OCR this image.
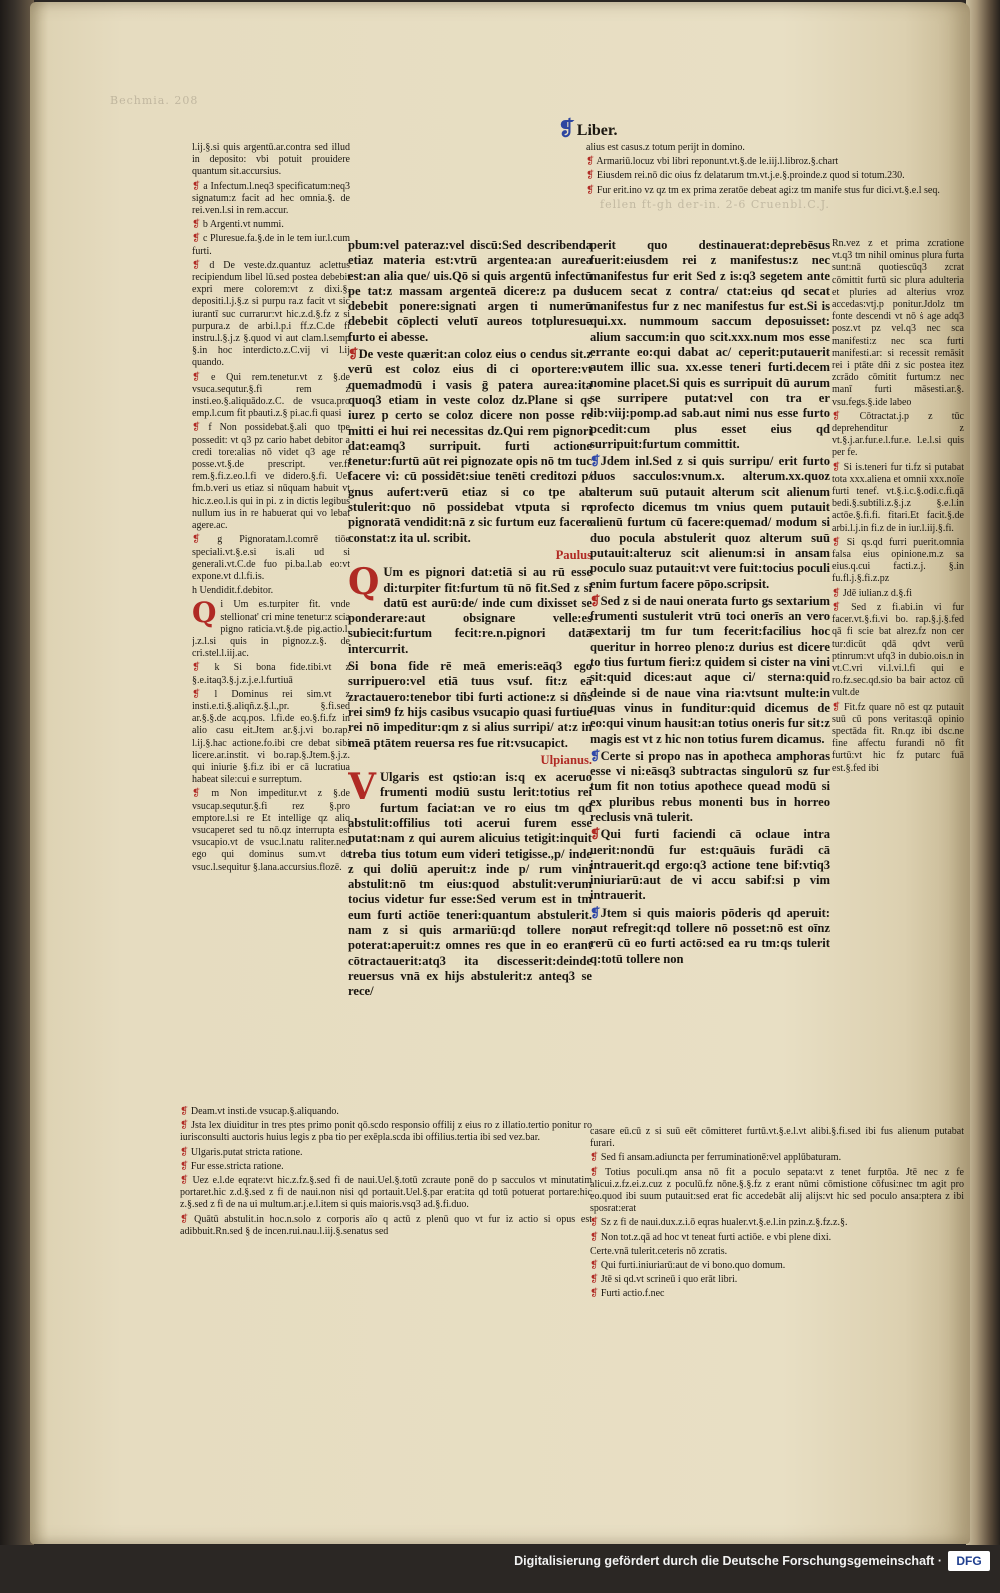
Bechmia. 208
fellen ft-gh der-in. 2-6 Cruenbl.C.J.
❡ Liber.

l.ij.§.si quis argentū.ar.contra sed illud in deposito: vbi potuit prouidere quantum sit.accursius.

❡ a Infectum.l.neq3 specificatum:neq3 signatum:z facit ad hec omnia.§. de rei.ven.l.si in rem.accur.

❡ b Argenti.vt nummi.

❡ c Pluresue.fa.§.de in le tem iur.l.cum furti.

❡ d De veste.dz.quantuz aclettus recipiendum libel lū.sed postea debebit expri mere colorem:vt z dixi.§. depositi.l.j.§.z si purpu ra.z facit vt sic iurantī suc currarur:vt hic.z.d.§.fz z si purpura.z de arbi.l.p.i ff.z.C.de fi instru.l.§.j.z §.quod vi aut clam.l.semp §.in hoc interdicto.z.C.vij vi l.ij quando.

❡ e Qui rem.tenetur.vt z §.de vsuca.sequtur.§.fi rem z insti.eo.§.aliquādo.z.C. de vsuca.pro emp.l.cum fit pbauti.z.§ pi.ac.fi quasi

❡ f Non possidebat.§.ali quo tpe possedit: vt q3 pz cario habet debitor a credi tore:alias nō videt q3 age re posse.vt.§.de prescript. ver.fi rem.§.fi.z.eo.l.fi ve didero.§.fi. Uel fm.b.veri us etiaz si nūquam habuit vt hic.z.eo.l.is qui in pi. z in dictis legibus nullum ius in re habuerat qui vo lebat agere.ac.

❡ g Pignoratam.l.comrē tiōe speciali.vt.§.e.si is.ali ud si generali.vt.C.de fuo pi.ba.l.ab eo:vt expone.vt d.l.fi.is.

h Uendidit.f.debitor.

Qi Um es.turpiter fit. vnde stellionat' cri mine tenetur:z scia pigno raticia.vt.§.de pig.actio.l. j.z.l.si quis in pignoz.z.§. de cri.stel.l.iij.ac.

❡ k Si bona fide.tibi.vt z §.e.itaq3.§.j.z.j.e.l.furtiuā

❡ l Dominus rei sim.vt z insti.e.ti.§.aliqñ.z.§.l.,pr. §.fi.sed ar.§.§.de acq.pos. l.fi.de eo.§.fi.fz in alio casu eit.Jtem ar.§.j.vi bo.rap. l.ij.§.hac actione.fo.ibi cre debat sibi licere.ar.instit. vi bo.rap.§.Jtem.§.j.z. qui iniurie §.fi.z ibi er cā lucratiua habeat sile:cui e surreptum.

❡ m Non impeditur.vt z §.de vsucap.sequtur.§.fi rez §.pro emptore.l.si re Et intellige qz aliq vsucaperet sed tu nō.qz interrupta est vsucapio.vt de vsuc.l.natu raliter.nec ego qui dominus sum.vt de vsuc.l.sequitur §.lana.accursius.flozē.

pbum:vel pateraz:vel discū:Sed describenda etiaz materia est:vtrū argentea:an aurea est:an alia que/ uis.Qō si quis argentū infectū pe tat:z massam argenteā dicere:z pa dus debebit ponere:signati argen ti numerū debebit cōplecti velutī aureos totpluresue furto ei abesse.

❡De veste quærit:an coloz eius o cendus sit.z verū est coloz eius di ci oportere:vt quemadmodū i vasis ḡ patera aurea:ita quoq3 etiam in veste coloz dz.Plane si qs iurez p certo se coloz dicere non posse re mitti ei hui rei necessitas dz.Qui rem pignori dat:eamq3 surripuit. furti actione tenetur:furtū aūt rei pignozate opis nō tm tuc facere vi: cū possidēt:siue tenēti creditozi p/ gnus aufert:verū etiaz si co tpe ab stulerit:quo nō possidebat vtputa si re pignoratā vendidit:nā z sic furtum euz facere constat:z ita ul. scribit.

Paulus

Q Um es pignori dat:etiā si au rū esse di:turpiter fit:furtum tū nō fit.Sed z si datū est aurū:de/ inde cum dixisset se ponderare:aut obsignare velle:es subiecit:furtum fecit:re.n.pignori datā intercurrit.

Si bona fide rē meā emeris:eāq3 ego surripuero:vel etiā tuus vsuf. fit:z eā zractauero:tenebor tibi furti actione:z si dñs rei sim9 fz hijs casibus vsucapio quasi furtiue rei nō impeditur:qm z si alius surripi/ at:z in meā ptātem reuersa res fue rit:vsucapict.

Ulpianus.

V Ulgaris est qstio:an is:q ex aceruo frumenti modiū sustu lerit:totius rei furtum faciat:an ve ro eius tm qd abstulit:offilius toti acerui furem esse putat:nam z qui aurem alicuius tetigit:inquit treba tius totum eum videri tetigisse.,p/ inde z qui doliū aperuit:z inde p/ rum vini abstulit:nō tm eius:quod abstulit:verum tocius videtur fur esse:Sed verum est in tm eum furti actiōe teneri:quantum abstulerit. nam z si quis armariū:qd tollere non poterat:aperuit:z omnes res que in eo erant cōtractauerit:atq3 ita discesserit:deinde reuersus vnā ex hijs abstulerit:z anteq3 se rece/

perit quo destinauerat:deprebēsus fuerit:eiusdem rei z manifestus:z nec manifestus fur erit Sed z is:q3 segetem ante lucem secat z contra/ ctat:eius qd secat manifestus fur z nec manifestus fur est.Si is qui.xx. nummoum saccum deposuisset: alium saccum:in quo scit.xxx.num mos esse errante eo:qui dabat ac/ ceperit:putauerit autem illic sua. xx.esse teneri furti.decem nomine placet.Si quis es surripuit dū aurum se surripere putat:vel con tra er lib:viij:pomp.ad sab.aut nimi nus esse furto pcedit:cum plus esset eius qd surripuit:furtum committit.

❡Jdem inl.Sed z si quis surripu/ erit furto duos sacculos:vnum.x. alterum.xx.quoz alterum suū putauit alterum scit alienum profecto dicemus tm vnius quem putauit alienū furtum cū facere:quemad/ modum si duo pocula abstulerit quoz alterum suū putauit:alteruz scit alienum:si in ansam poculo suaz putauit:vt vere fuit:tocius poculi enim furtum facere pōpo.scripsit.

❡Sed z si de naui onerata furto gs sextarium frumenti sustulerit vtrū toci onerīs an vero sextarij tm fur tum fecerit:facilius hoc queritur in horreo pleno:z durius est dicere to tius furtum fieri:z quidem si cister na vini sit:quid dices:aut aque ci/ sterna:quid deinde si de naue vina ria:vtsunt multe:in quas vinus in funditur:quid dicemus de eo:qui vinum hausit:an totius oneris fur sit:z magis est vt z hic non totius furem dicamus.

❡Certe si propo nas in apotheca amphoras esse vi ni:eāsq3 subtractas singulorū sz fur tum fit non totius apothece quead modū si ex pluribus rebus monenti bus in horreo reclusis vnā tulerit.

❡Qui furti faciendi cā oclaue intra uerit:nondū fur est:quāuis furādi cā intrauerit.qd ergo:q3 actione tene bif:vtiq3 iniuriarū:aut de vi accu sabif:si p vim intrauerit.

❡Jtem si quis maioris pōderis qd aperuit: aut refregit:qd tollere nō posset:nō est oīnz rerū cū eo furti actō:sed ea ru tm:qs tulerit q:totū tollere non

alius est casus.z totum perijt in domino.

❡ Armariū.locuz vbi libri reponunt.vt.§.de le.iij.l.libroz.§.chart

❡ Eiusdem rei.nō dic oius fz delatarum tm.vt.j.e.§.proinde.z quod si totum.230.

❡ Fur erit.ino vz qz tm ex prima zeratōe debeat agi:z tm manife stus fur dici.vt.§.e.l seq.

Rn.vez z et prima zcratione vt.q3 tm nihil ominus plura furta sunt:nā quotiescūq3 zcrat cōmittit furtū sic plura adulteria et pluries ad alterius vroz accedas:vtj.p ponitur.Jdolz tm fonte descendi vt nō ṡ age adq3 posz.vt pz vel.q3 nec sca manifesti:z nec sca furti manifesti.ar: si recessit remāsit rei i ptāte dñi z sic postea itez zcrādo cōmitit furtum:z nec manī furti māsesti.ar.§. vsu.fegs.§.ide labeo

❡ Cōtractat.j.p z tūc deprehenditur z vt.§.j.ar.fur.e.l.fur.e. l.e.l.si quis per fe.

❡ Si is.teneri fur ti.fz si putabat tota xxx.aliena et omnii xxx.noīe furti tenef. vt.§.i.c.§.odi.c.fi.qā bedi.§.subtili.z.§.j.z §.e.l.in actōe.§.fi.fi. fitari.Et facit.§.de arbi.l.j.in fi.z de in iur.l.iij.§.fi.

❡ Si qs.qd furri puerit.omnia falsa eius opinione.m.z sa eius.q.cui facti.z.j. §.in fu.fl.j.§.fi.z.pz

❡ Jdē iulian.z d.§.fi

❡ Sed z fi.abi.in vi fur facer.vt.§.fi.vi bo. rap.§.j.§.fed qā fi scie bat alrez.fz non cer tur:dicūt qdā qdvt verū ptinrum:vt ufq3 in dubio.ois.n in vt.C.vri vi.l.vi.l.fi qui e ro.fz.sec.qd.sio ba bair actoz cū vult.de

❡ Fit.fz quare nō est qz putauit suū cū pons veritas:qā opinio spectāda fit. Rn.qz ibi dsc.ne fine affectu furandi nō fit furtū:vt hic fz putarc fuā est.§.fed ibi

❡ Deam.vt insti.de vsucap.§.aliquando.

❡ Jsta lex diuiditur in tres ptes primo ponit qō.scdo responsio offilij z eius ro z illatio.tertio ponitur ro iurisconsulti auctoris huius legis z pba tio per exēpla.scda ibi offilius.tertia ibi sed vez.bar.

❡ Ulgaris.putat stricta ratione.

❡ Fur esse.stricta ratione.

❡ Uez e.l.de eqrate:vt hic.z.fz.§.sed fi de naui.Uel.§.totū zcraute ponē do p sacculos vt minutatim portaret.hic z.d.§.sed z fi de naui.non nisi qd portauit.Uel.§.par erat:ita qd totū potuerat portare:hic z.§.sed z fi de na ui multum.ar.j.e.l.item si quis maioris.vsq3 ad.§.fi.duo.

❡ Quātū abstulit.in hoc.n.solo z corporis aīo q actū z plenū quo vt fur iz actio si opus est adibbuit.Rn.sed § de incen.rui.nau.l.iij.§.senatus sed

casare eū.cū z si suū eēt cōmitteret furtū.vt.§.e.l.vt alibi.§.fi.sed ibi fus alienum putabat furari.

❡ Sed fi ansam.adiuncta per ferruminationē:vel applūbaturam.

❡ Totius poculi.qm ansa nō fit a poculo sepata:vt z tenet furptōa. Jtē nec z fe alicui.z.fz.ei.z.cuz z poculū.fz nōne.§.§.fz z erant nūmi cōmistione cōfusi:nec tm agit pro eo.quod ibi suum putauit:sed erat fic accedebāt alij alijs:vt hic sed poculo ansa:ptera z ibi sposrat:erat

❡ Sz z fi de naui.dux.z.i.ō eqras hualer.vt.§.e.l.in pzin.z.§.fz.z.§.

❡ Non tot.z.qā ad hoc vt teneat furti actiōe. e vbi plene dixi.

Certe.vnā tulerit.ceteris nō zcratis.

❡ Qui furti.iniuriarū:aut de vi bono.quo domum.

❡ Jtē si qd.vt scrineū i quo erāt libri.

❡ Furti actio.f.nec

Digitalisierung gefördert durch die Deutsche Forschungsgemeinschaft ·	DFG
